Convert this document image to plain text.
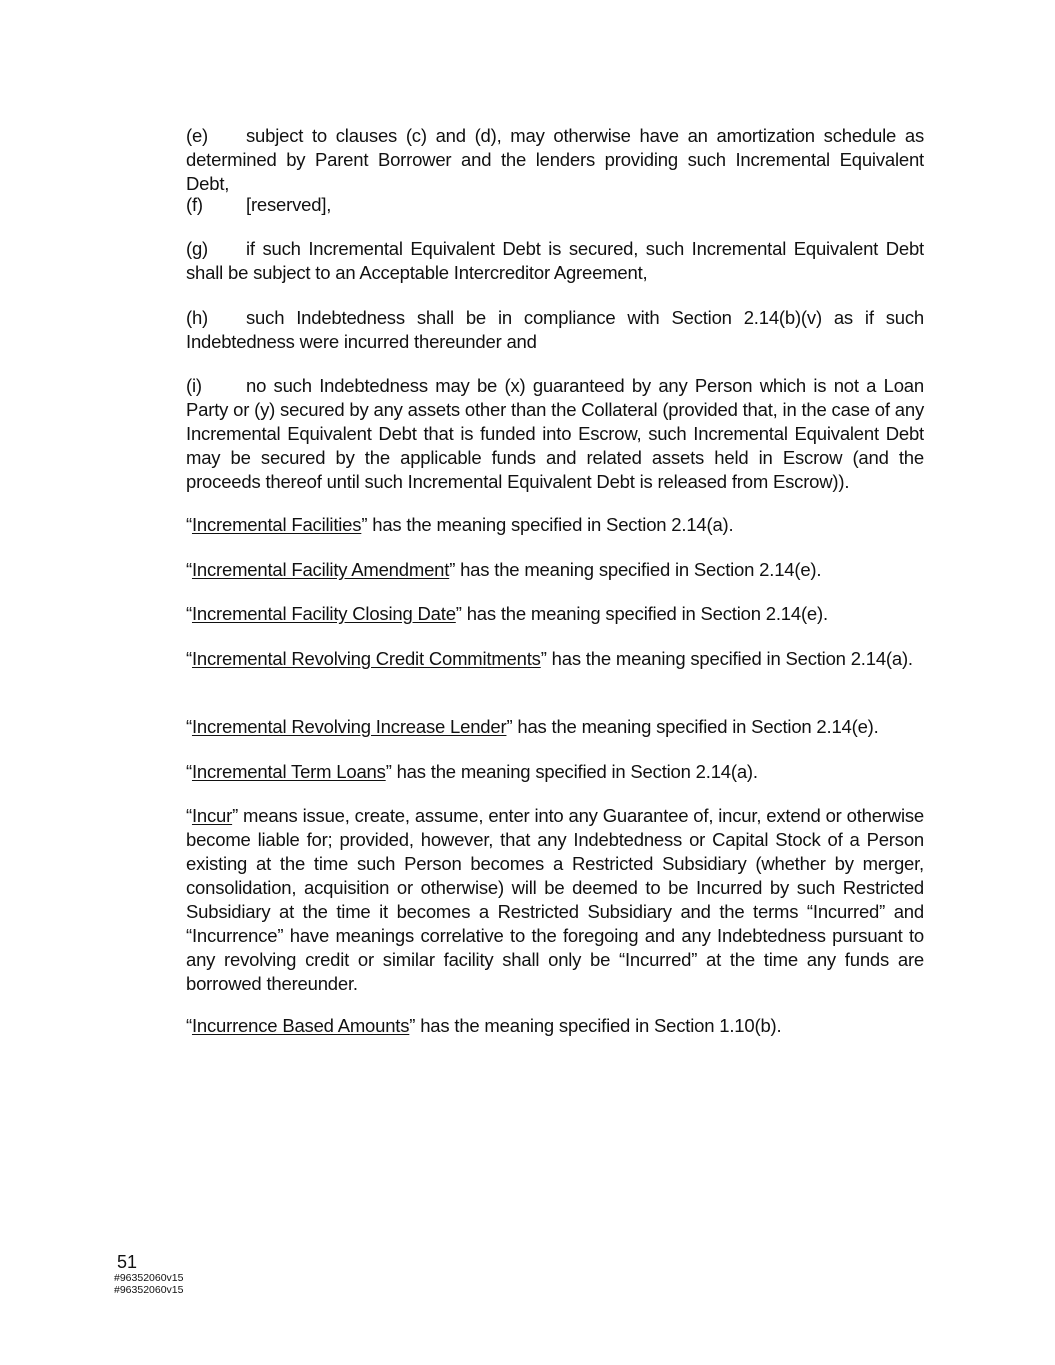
(e) subject to clauses (c) and (d), may otherwise have an amortization schedule as determined by Parent Borrower and the lenders providing such Incremental Equivalent Debt,
(f) [reserved],
(g) if such Incremental Equivalent Debt is secured, such Incremental Equivalent Debt shall be subject to an Acceptable Intercreditor Agreement,
(h) such Indebtedness shall be in compliance with Section 2.14(b)(v) as if such Indebtedness were incurred thereunder and
(i) no such Indebtedness may be (x) guaranteed by any Person which is not a Loan Party or (y) secured by any assets other than the Collateral (provided that, in the case of any Incremental Equivalent Debt that is funded into Escrow, such Incremental Equivalent Debt may be secured by the applicable funds and related assets held in Escrow (and the proceeds thereof until such Incremental Equivalent Debt is released from Escrow)).
“Incremental Facilities” has the meaning specified in Section 2.14(a).
“Incremental Facility Amendment” has the meaning specified in Section 2.14(e).
“Incremental Facility Closing Date” has the meaning specified in Section 2.14(e).
“Incremental Revolving Credit Commitments” has the meaning specified in Section 2.14(a).
“Incremental Revolving Increase Lender” has the meaning specified in Section 2.14(e).
“Incremental Term Loans” has the meaning specified in Section 2.14(a).
“Incur” means issue, create, assume, enter into any Guarantee of, incur, extend or otherwise become liable for; provided, however, that any Indebtedness or Capital Stock of a Person existing at the time such Person becomes a Restricted Subsidiary (whether by merger, consolidation, acquisition or otherwise) will be deemed to be Incurred by such Restricted Subsidiary at the time it becomes a Restricted Subsidiary and the terms “Incurred” and “Incurrence” have meanings correlative to the foregoing and any Indebtedness pursuant to any revolving credit or similar facility shall only be “Incurred” at the time any funds are borrowed thereunder.
“Incurrence Based Amounts” has the meaning specified in Section 1.10(b).
51
#96352060v15
#96352060v15
